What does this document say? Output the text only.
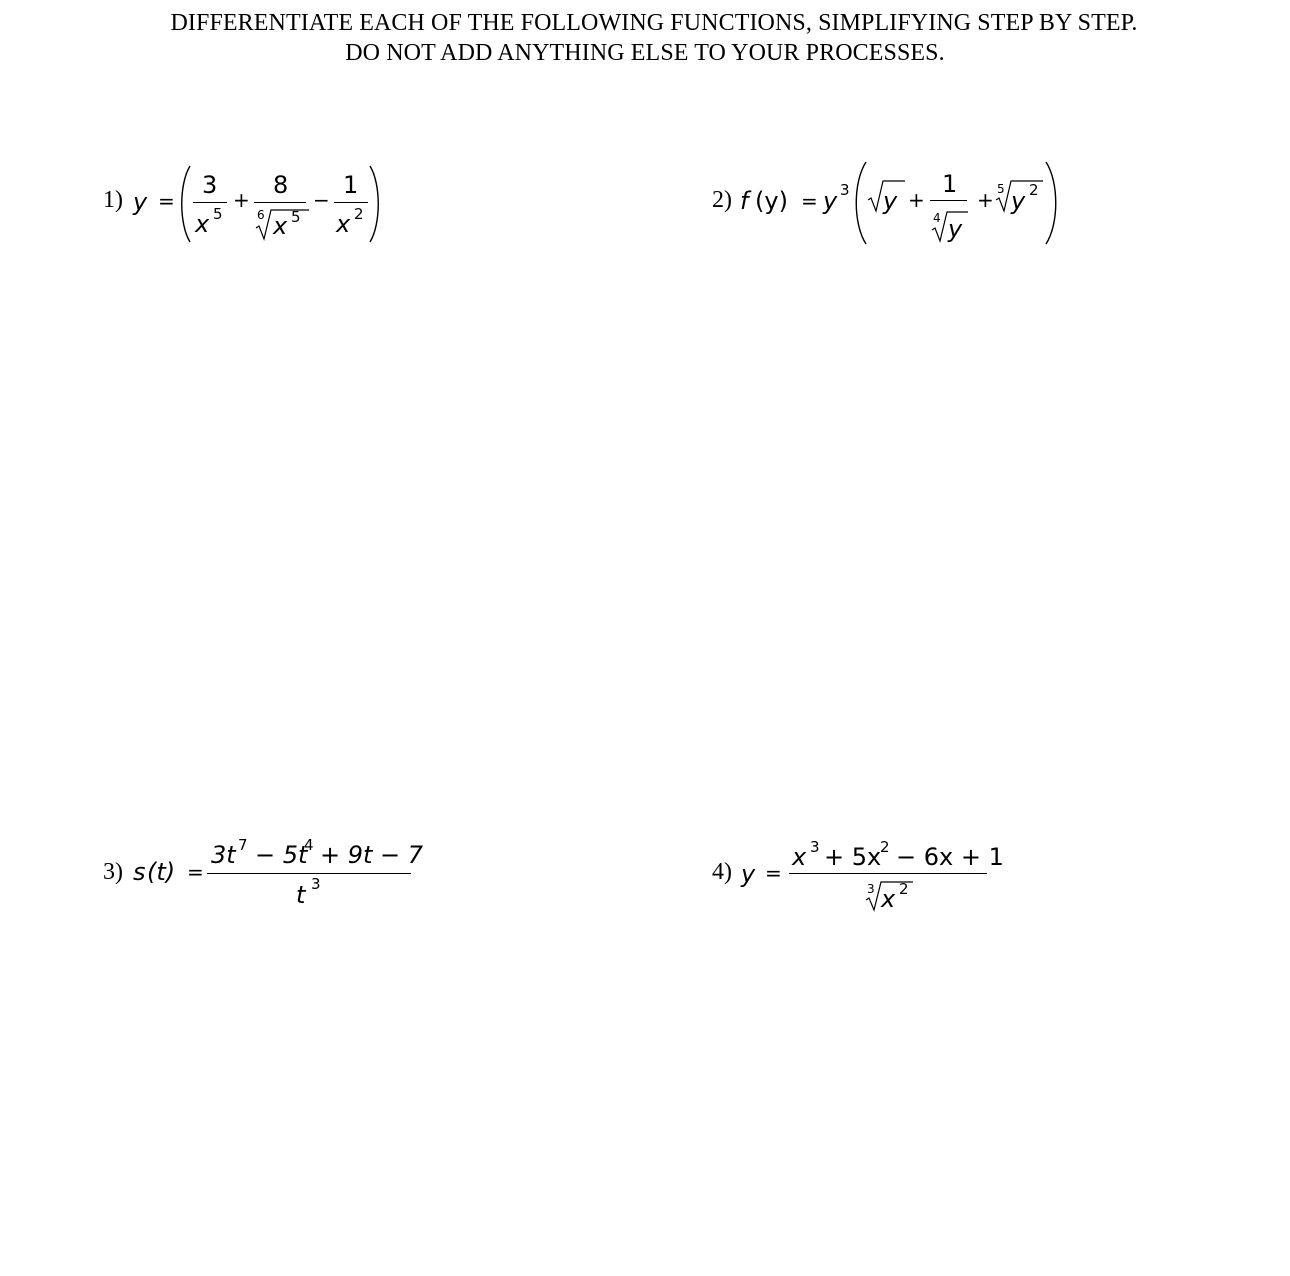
DIFFERENTIATE EACH OF THE FOLLOWING FUNCTIONS, SIMPLIFYING STEP BY STEP.
DO NOT ADD ANYTHING ELSE TO YOUR PROCESSES.
1) y =
3
x 5
+
8
6 x 5
−
1
x 2
2) f (y) = y 3 y +
1
4 y
+ 5 y 2
3) s (t) =
3t 7 − 5t
4 + 9t − 7
t 3	4) y =
x 3 + 5x
2 − 6x + 1
3 x 2
